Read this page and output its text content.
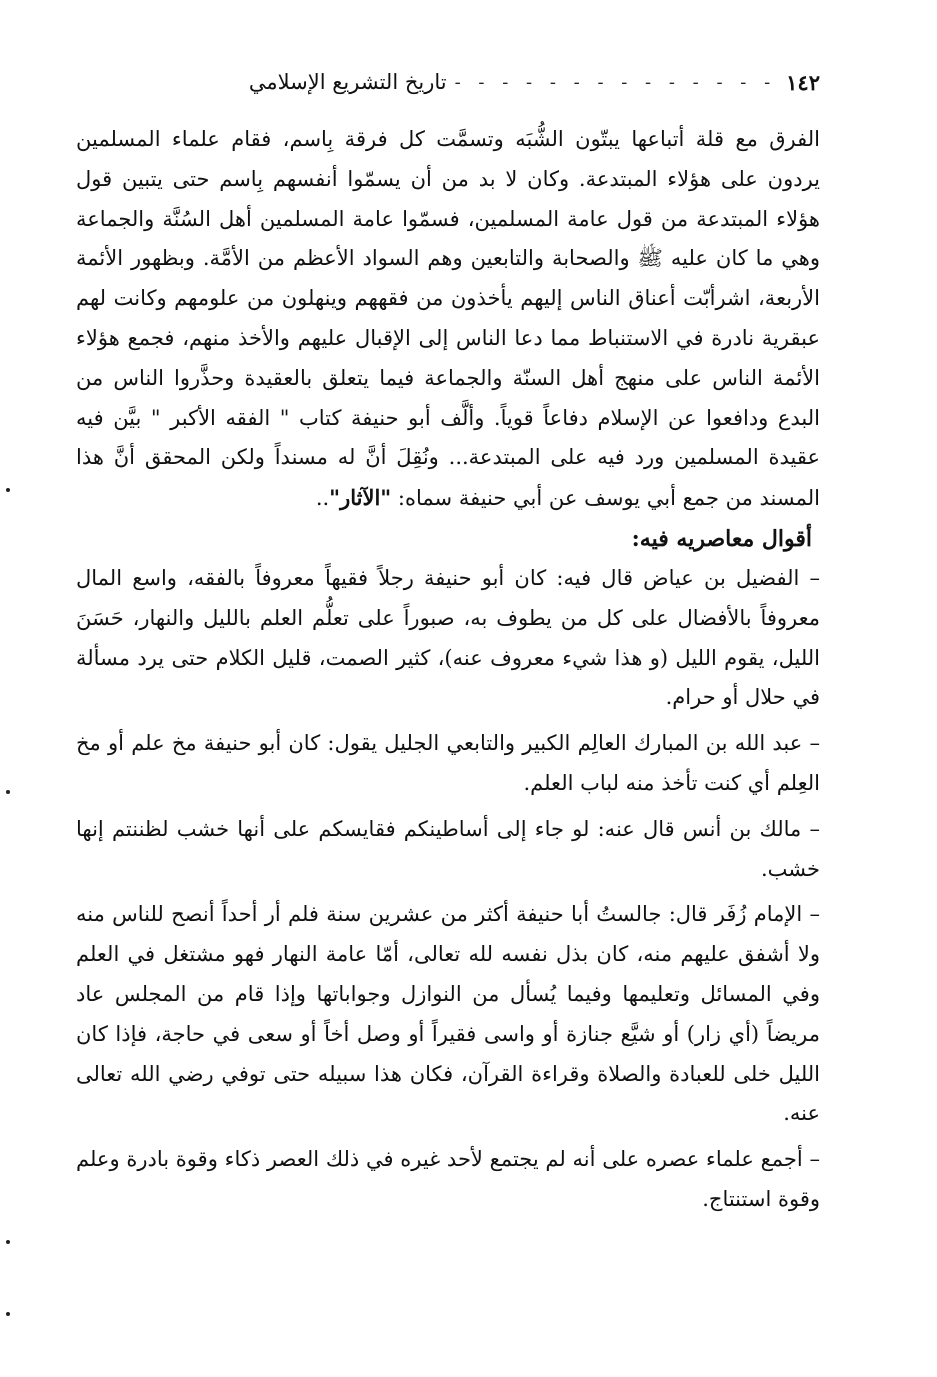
١٤٢
- - - - - - - - - - - - - -
تاريخ التشريع الإسلامي

الفرق مع قلة أتباعها يبتّون الشُّبَه وتسمَّت كل فرقة بِاسم، فقام علماء المسلمين يردون على هؤلاء المبتدعة. وكان لا بد من أن يسمّوا أنفسهم بِاسم حتى يتبين قول هؤلاء المبتدعة من قول عامة المسلمين، فسمّوا عامة المسلمين أهل السُنَّة والجماعة وهي ما كان عليه ﷺ والصحابة والتابعين وهم السواد الأعظم من الأمَّة. وبظهور الأئمة الأربعة، اشرأبّت أعناق الناس إليهم يأخذون من فقههم وينهلون من علومهم وكانت لهم عبقرية نادرة في الاستنباط مما دعا الناس إلى الإقبال عليهم والأخذ منهم، فجمع هؤلاء الأئمة الناس على منهج أهل السنّة والجماعة فيما يتعلق بالعقيدة وحذَّروا الناس من البدع ودافعوا عن الإسلام دفاعاً قوياً. وألَّف أبو حنيفة كتاب " الفقه الأكبر " بيَّن فيه عقيدة المسلمين ورد فيه على المبتدعة... ونُقِلَ أنَّ له مسنداً ولكن المحقق أنَّ هذا المسند من جمع أبي يوسف عن أبي حنيفة سماه: "الآثار"..

أقوال معاصريه فيه:

– الفضيل بن عياض قال فيه: كان أبو حنيفة رجلاً فقيهاً معروفاً بالفقه، واسع المال معروفاً بالأفضال على كل من يطوف به، صبوراً على تعلُّم العلم بالليل والنهار، حَسَنَ الليل، يقوم الليل (و هذا شيء معروف عنه)، كثير الصمت، قليل الكلام حتى يرد مسألة في حلال أو حرام.

– عبد الله بن المبارك العالِم الكبير والتابعي الجليل يقول: كان أبو حنيفة مخ علم أو مخ العِلم أي كنت تأخذ منه لباب العلم.

– مالك بن أنس قال عنه: لو جاء إلى أساطينكم فقايسكم على أنها خشب لظننتم إنها خشب.

– الإمام زُفَر قال: جالستُ أبا حنيفة أكثر من عشرين سنة فلم أر أحداً أنصح للناس منه ولا أشفق عليهم منه، كان بذل نفسه لله تعالى، أمّا عامة النهار فهو مشتغل في العلم وفي المسائل وتعليمها وفيما يُسأل من النوازل وجواباتها وإذا قام من المجلس عاد مريضاً (أي زار) أو شيَّع جنازة أو واسى فقيراً أو وصل أخاً أو سعى في حاجة، فإذا كان الليل خلى للعبادة والصلاة وقراءة القرآن، فكان هذا سبيله حتى توفي رضي الله تعالى عنه.

– أجمع علماء عصره على أنه لم يجتمع لأحد غيره في ذلك العصر ذكاء وقوة بادرة وعلم وقوة استنتاج.
